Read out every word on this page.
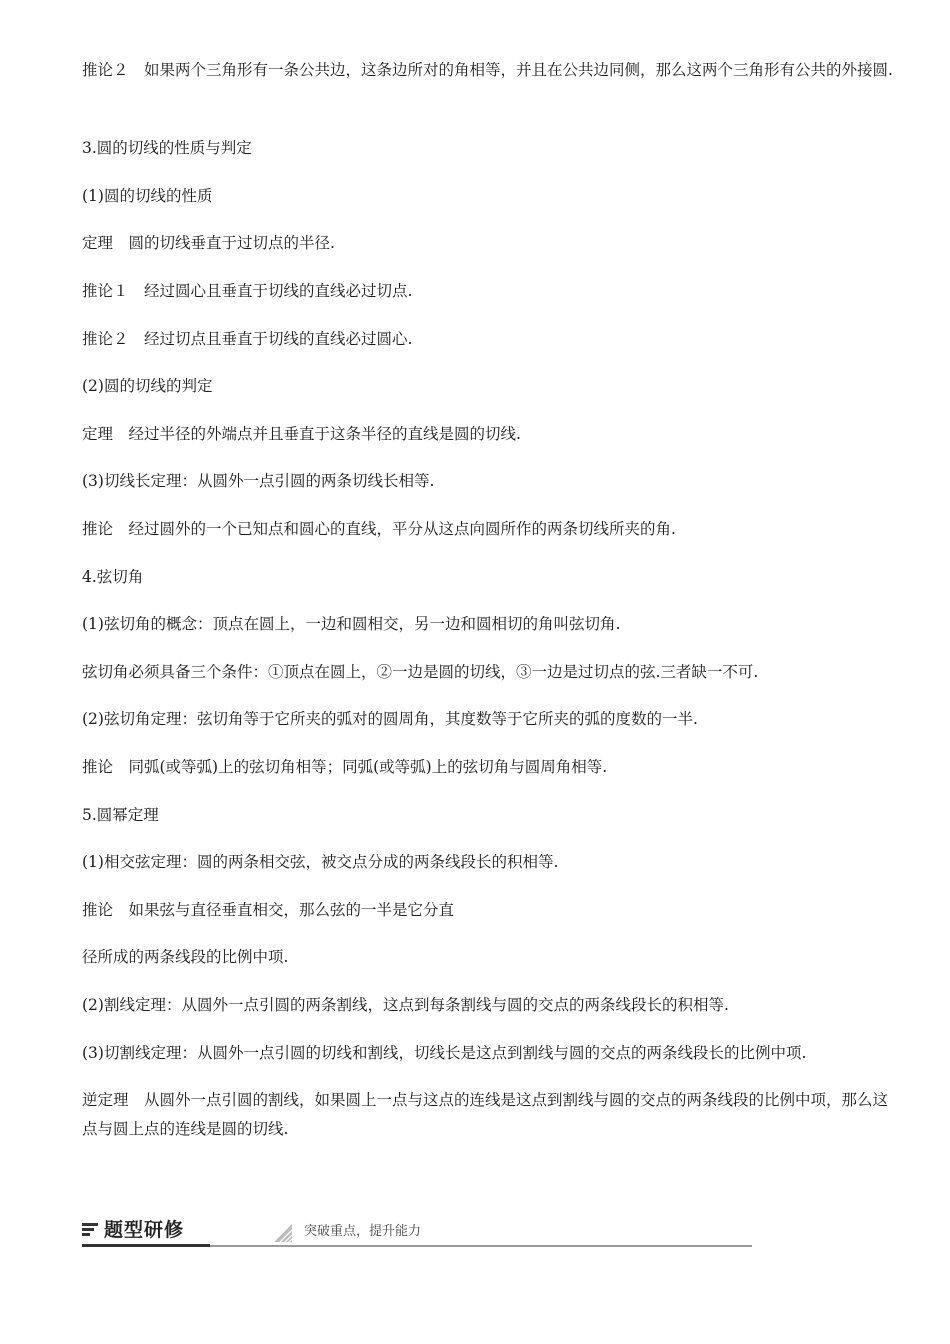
推论２　如果两个三角形有一条公共边，这条边所对的角相等，并且在公共边同侧，那么这两个三角形有公共的外接圆.

3.圆的切线的性质与判定

(1)圆的切线的性质

定理　圆的切线垂直于过切点的半径.

推论１　经过圆心且垂直于切线的直线必过切点.

推论２　经过切点且垂直于切线的直线必过圆心.

(2)圆的切线的判定

定理　经过半径的外端点并且垂直于这条半径的直线是圆的切线.

(3)切线长定理：从圆外一点引圆的两条切线长相等.

推论　经过圆外的一个已知点和圆心的直线，平分从这点向圆所作的两条切线所夹的角.

4.弦切角

(1)弦切角的概念：顶点在圆上，一边和圆相交，另一边和圆相切的角叫弦切角.

弦切角必须具备三个条件：①顶点在圆上，②一边是圆的切线，③一边是过切点的弦.三者缺一不可.

(2)弦切角定理：弦切角等于它所夹的弧对的圆周角，其度数等于它所夹的弧的度数的一半.

推论　同弧(或等弧)上的弦切角相等；同弧(或等弧)上的弦切角与圆周角相等.

5.圆幂定理

(1)相交弦定理：圆的两条相交弦，被交点分成的两条线段长的积相等.

推论　如果弦与直径垂直相交，那么弦的一半是它分直

径所成的两条线段的比例中项.

(2)割线定理：从圆外一点引圆的两条割线，这点到每条割线与圆的交点的两条线段长的积相等.

(3)切割线定理：从圆外一点引圆的切线和割线，切线长是这点到割线与圆的交点的两条线段长的比例中项.

逆定理　从圆外一点引圆的割线，如果圆上一点与这点的连线是这点到割线与圆的交点的两条线段的比例中项，那么这点与圆上点的连线是圆的切线.

题型研修	突破重点，提升能力
